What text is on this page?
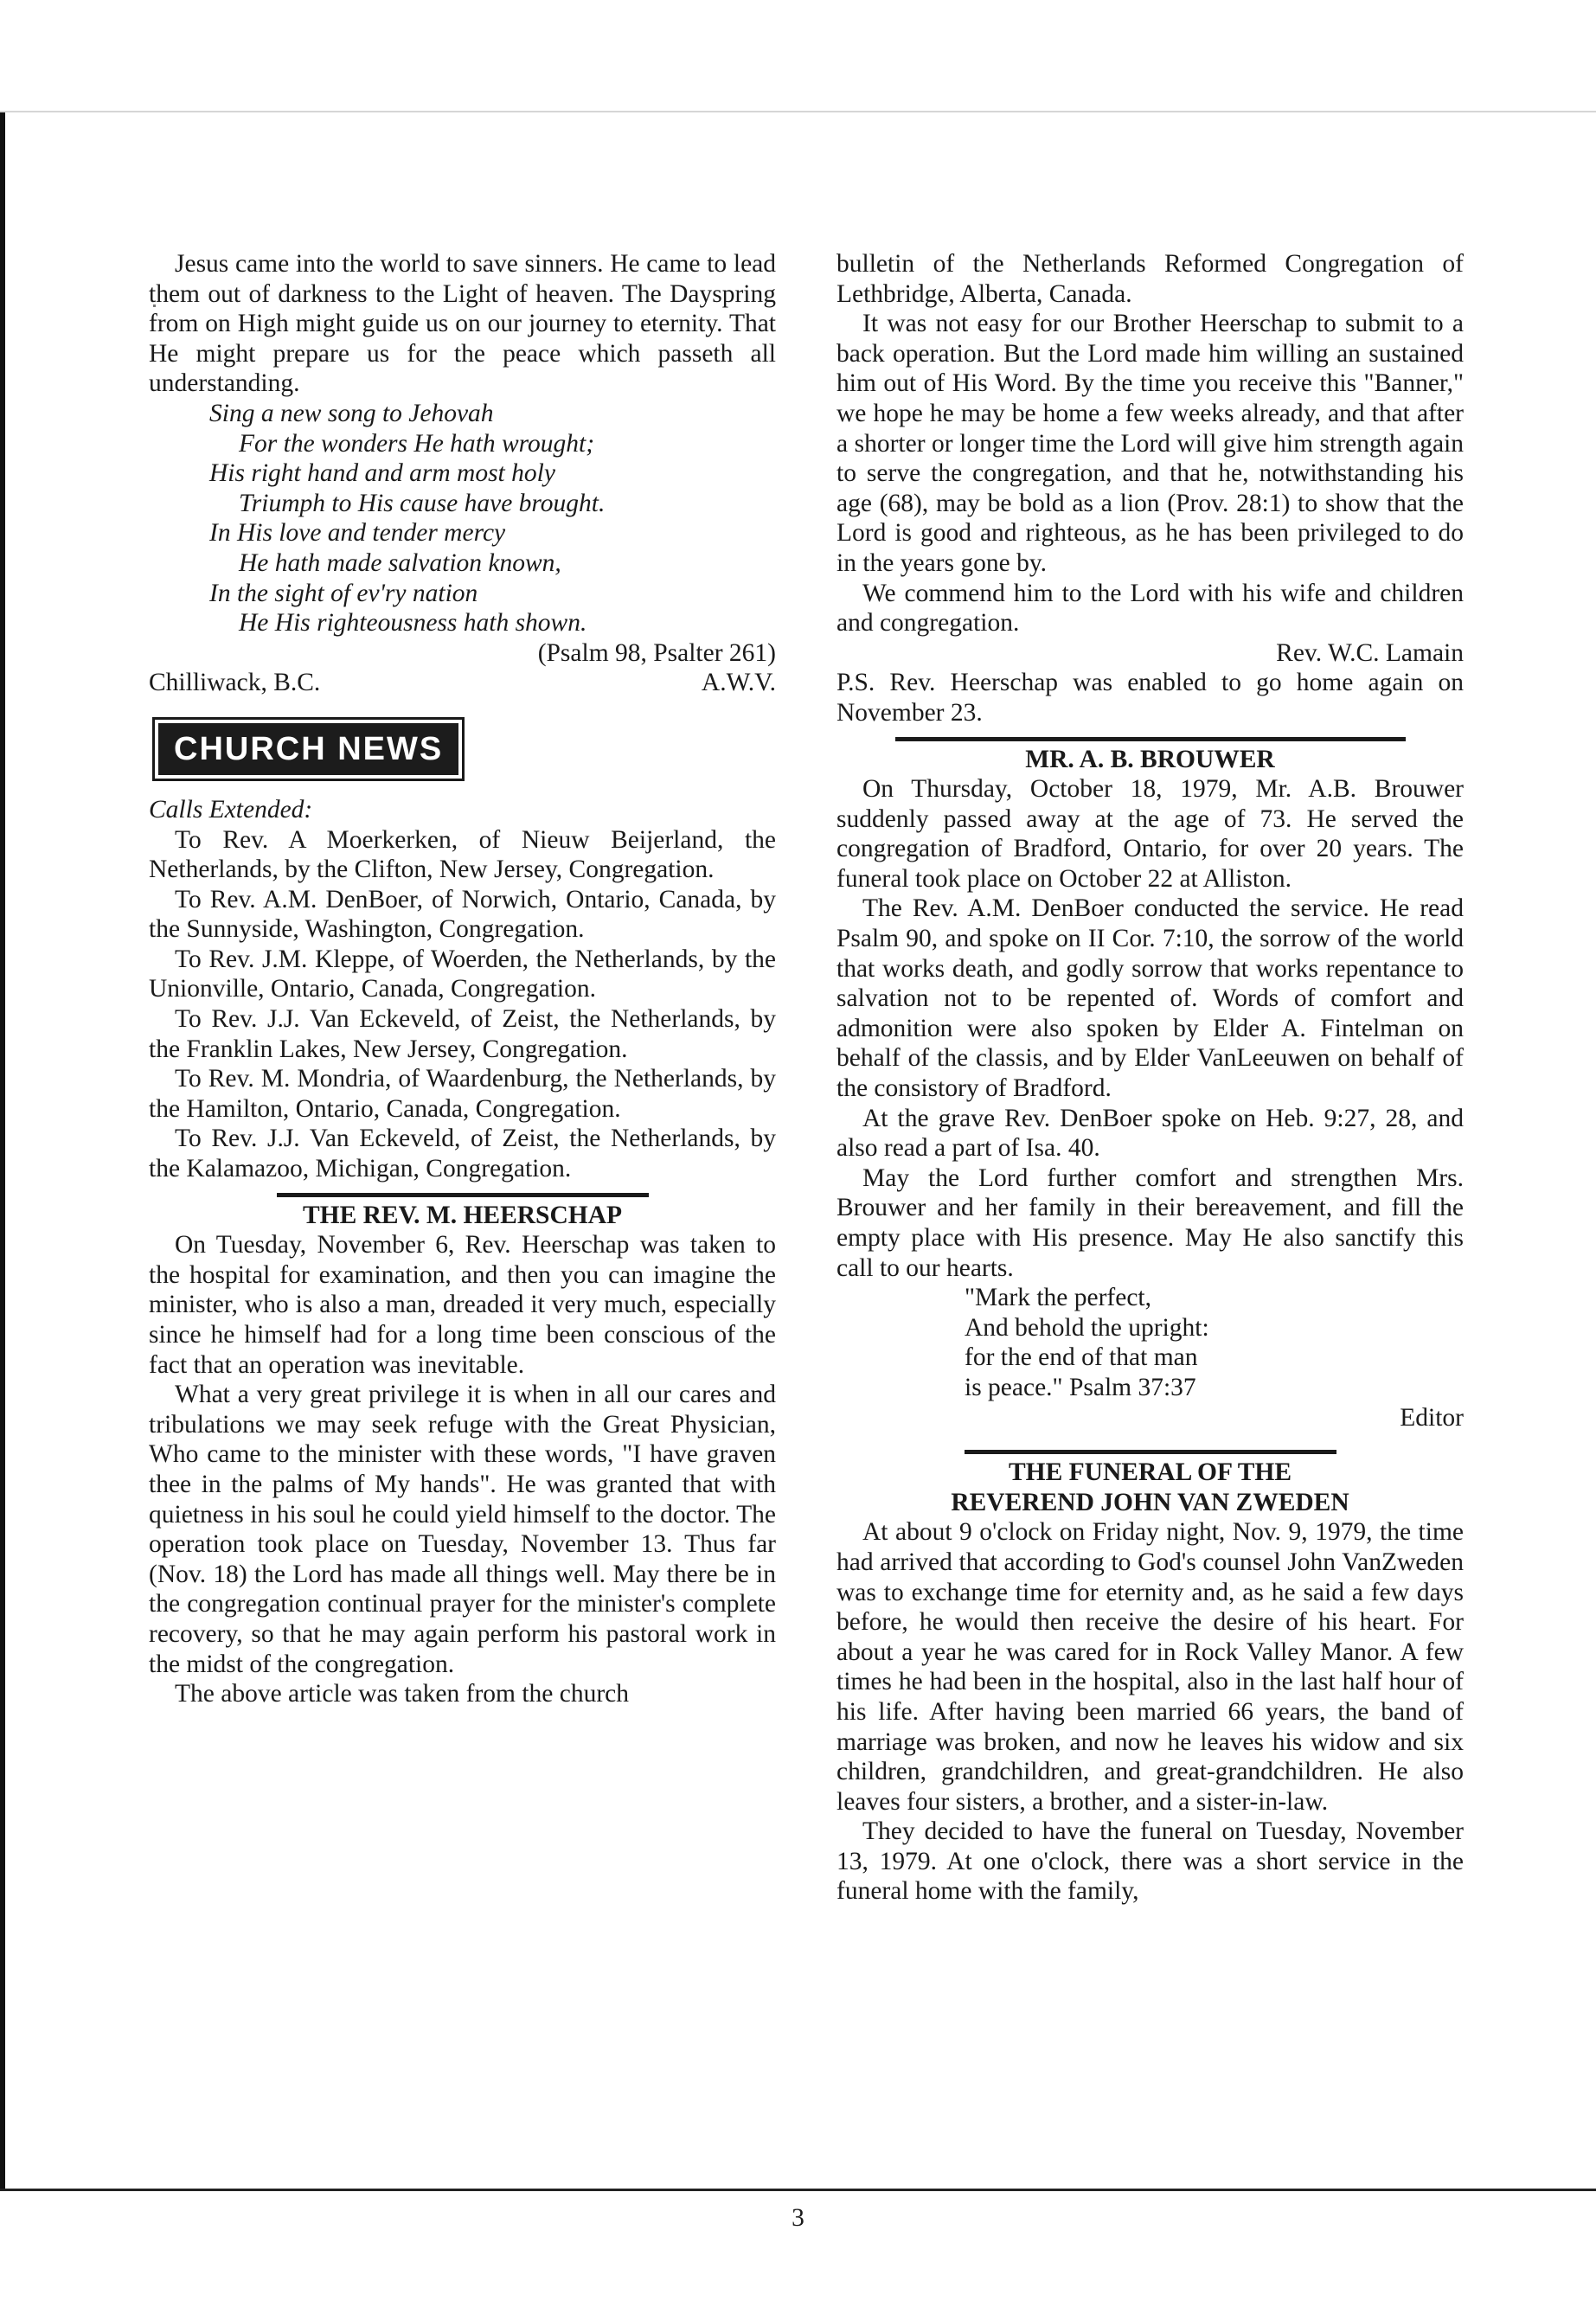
Jesus came into the world to save sinners. He came to lead them out of darkness to the Light of heaven. The Dayspring from on High might guide us on our journey to eternity. That He might prepare us for the peace which passeth all understanding.

Sing a new song to Jehovah
For the wonders He hath wrought;
His right hand and arm most holy
Triumph to His cause have brought.
In His love and tender mercy
He hath made salvation known,
In the sight of ev'ry nation
He His righteousness hath shown.

(Psalm 98, Psalter 261)

Chilliwack, B.C.	A.W.V.
CHURCH NEWS

Calls Extended:

To Rev. A Moerkerken, of Nieuw Beijerland, the Netherlands, by the Clifton, New Jersey, Congregation.

To Rev. A.M. DenBoer, of Norwich, Ontario, Canada, by the Sunnyside, Washington, Congregation.

To Rev. J.M. Kleppe, of Woerden, the Netherlands, by the Unionville, Ontario, Canada, Congregation.

To Rev. J.J. Van Eckeveld, of Zeist, the Netherlands, by the Franklin Lakes, New Jersey, Congregation.

To Rev. M. Mondria, of Waardenburg, the Netherlands, by the Hamilton, Ontario, Canada, Congregation.

To Rev. J.J. Van Eckeveld, of Zeist, the Netherlands, by the Kalamazoo, Michigan, Congregation.

THE REV. M. HEERSCHAP

On Tuesday, November 6, Rev. Heerschap was taken to the hospital for examination, and then you can imagine the minister, who is also a man, dreaded it very much, especially since he himself had for a long time been conscious of the fact that an operation was inevitable.

What a very great privilege it is when in all our cares and tribulations we may seek refuge with the Great Physician, Who came to the minister with these words, "I have graven thee in the palms of My hands". He was granted that with quietness in his soul he could yield himself to the doctor. The operation took place on Tuesday, November 13. Thus far (Nov. 18) the Lord has made all things well. May there be in the congregation continual prayer for the minister's complete recovery, so that he may again perform his pastoral work in the midst of the congregation.

The above article was taken from the church

bulletin of the Netherlands Reformed Congregation of Lethbridge, Alberta, Canada.

It was not easy for our Brother Heerschap to submit to a back operation. But the Lord made him willing an sustained him out of His Word. By the time you receive this "Banner," we hope he may be home a few weeks already, and that after a shorter or longer time the Lord will give him strength again to serve the congregation, and that he, notwithstanding his age (68), may be bold as a lion (Prov. 28:1) to show that the Lord is good and righteous, as he has been privileged to do in the years gone by.

We commend him to the Lord with his wife and children and congregation.

Rev. W.C. Lamain

P.S. Rev. Heerschap was enabled to go home again on November 23.

MR. A. B. BROUWER

On Thursday, October 18, 1979, Mr. A.B. Brouwer suddenly passed away at the age of 73. He served the congregation of Bradford, Ontario, for over 20 years. The funeral took place on October 22 at Alliston.

The Rev. A.M. DenBoer conducted the service. He read Psalm 90, and spoke on II Cor. 7:10, the sorrow of the world that works death, and godly sorrow that works repentance to salvation not to be repented of. Words of comfort and admonition were also spoken by Elder A. Fintelman on behalf of the classis, and by Elder VanLeeuwen on behalf of the consistory of Bradford.

At the grave Rev. DenBoer spoke on Heb. 9:27, 28, and also read a part of Isa. 40.

May the Lord further comfort and strengthen Mrs. Brouwer and her family in their bereavement, and fill the empty place with His presence. May He also sanctify this call to our hearts.

"Mark the perfect,
And behold the upright:
for the end of that man
is peace." Psalm 37:37

Editor

THE FUNERAL OF THE
REVEREND JOHN VAN ZWEDEN

At about 9 o'clock on Friday night, Nov. 9, 1979, the time had arrived that according to God's counsel John VanZweden was to exchange time for eternity and, as he said a few days before, he would then receive the desire of his heart. For about a year he was cared for in Rock Valley Manor. A few times he had been in the hospital, also in the last half hour of his life. After having been married 66 years, the band of marriage was broken, and now he leaves his widow and six children, grandchildren, and great-grandchildren. He also leaves four sisters, a brother, and a sister-in-law.

They decided to have the funeral on Tuesday, November 13, 1979. At one o'clock, there was a short service in the funeral home with the family,

3
